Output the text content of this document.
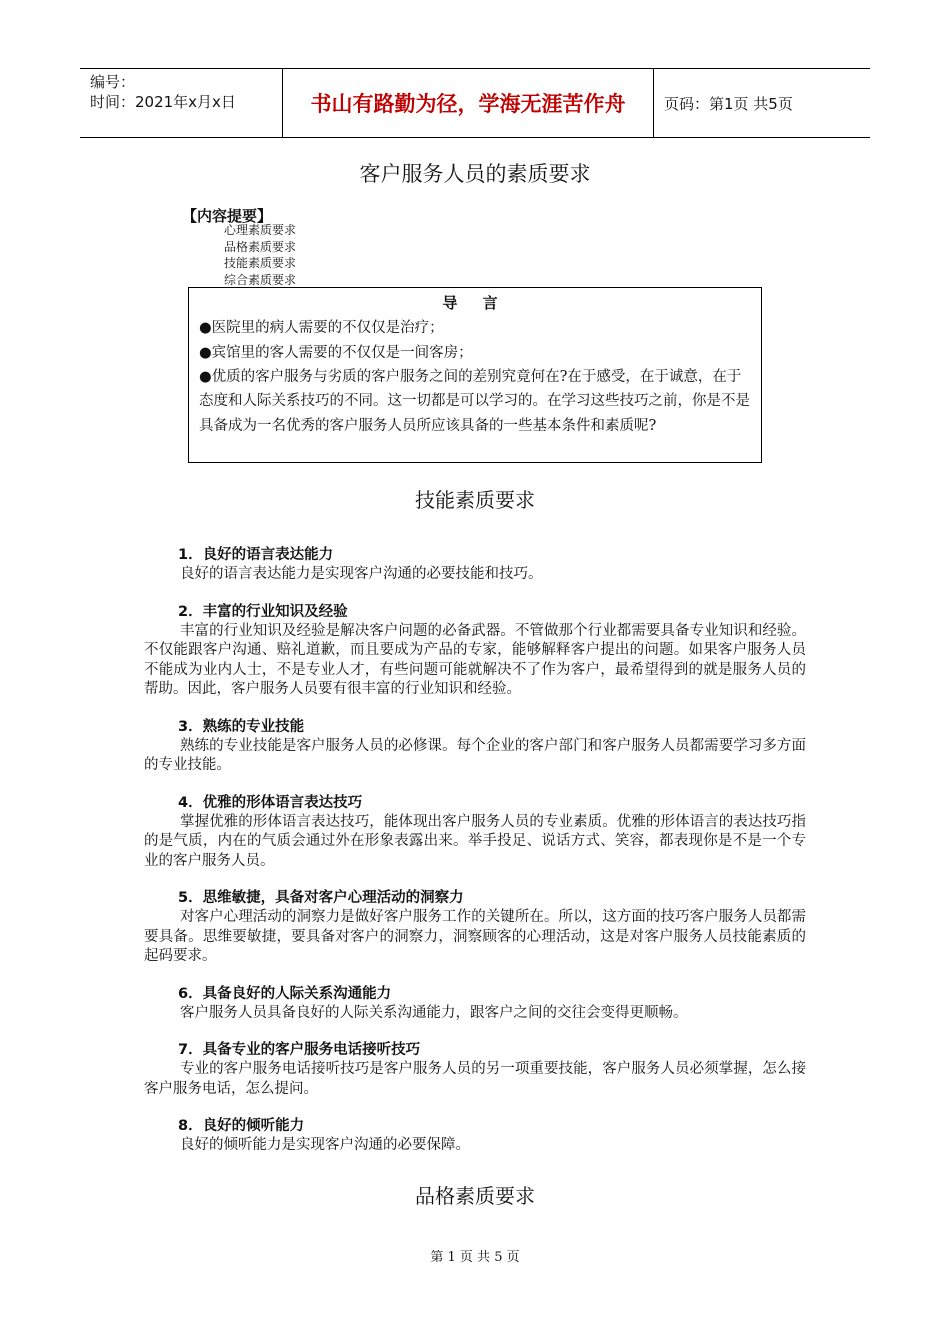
编号：
时间：2021年x月x日	书山有路勤为径，学海无涯苦作舟	页码：第1页 共5页
客户服务人员的素质要求
【内容提要】
心理素质要求
品格素质要求
技能素质要求
综合素质要求
导 言
●医院里的病人需要的不仅仅是治疗；
●宾馆里的客人需要的不仅仅是一间客房；
●优质的客户服务与劣质的客户服务之间的差别究竟何在?在于感受，在于诚意，在于态度和人际关系技巧的不同。这一切都是可以学习的。在学习这些技巧之前，你是不是具备成为一名优秀的客户服务人员所应该具备的一些基本条件和素质呢?
技能素质要求
1．良好的语言表达能力
良好的语言表达能力是实现客户沟通的必要技能和技巧。
2．丰富的行业知识及经验
丰富的行业知识及经验是解决客户问题的必备武器。不管做那个行业都需要具备专业知识和经验。不仅能跟客户沟通、赔礼道歉，而且要成为产品的专家，能够解释客户提出的问题。如果客户服务人员不能成为业内人士，不是专业人才，有些问题可能就解决不了作为客户，最希望得到的就是服务人员的帮助。因此，客户服务人员要有很丰富的行业知识和经验。
3．熟练的专业技能
熟练的专业技能是客户服务人员的必修课。每个企业的客户部门和客户服务人员都需要学习多方面的专业技能。
4．优雅的形体语言表达技巧
掌握优雅的形体语言表达技巧，能体现出客户服务人员的专业素质。优雅的形体语言的表达技巧指的是气质，内在的气质会通过外在形象表露出来。举手投足、说话方式、笑容，都表现你是不是一个专业的客户服务人员。
5．思维敏捷，具备对客户心理活动的洞察力
对客户心理活动的洞察力是做好客户服务工作的关键所在。所以，这方面的技巧客户服务人员都需要具备。思维要敏捷，要具备对客户的洞察力，洞察顾客的心理活动，这是对客户服务人员技能素质的起码要求。
6．具备良好的人际关系沟通能力
客户服务人员具备良好的人际关系沟通能力，跟客户之间的交往会变得更顺畅。
7．具备专业的客户服务电话接听技巧
专业的客户服务电话接听技巧是客户服务人员的另一项重要技能，客户服务人员必须掌握，怎么接客户服务电话，怎么提问。
8．良好的倾听能力
良好的倾听能力是实现客户沟通的必要保障。
品格素质要求
第 1 页 共 5 页
